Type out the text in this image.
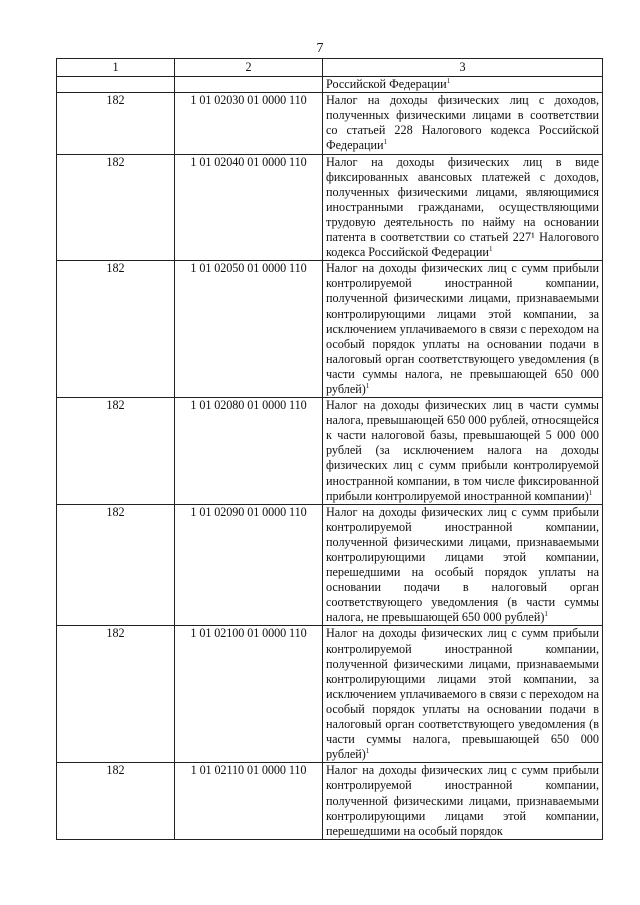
7
1	2	3
		Российской Федерации$^1$
182	1 01 02030 01 0000 110	Налог на доходы физических лиц с доходов, полученных физическими лицами в соответствии со статьей 228 Налогового кодекса Российской Федерации$^1$
182	1 01 02040 01 0000 110	Налог на доходы физических лиц в виде фиксированных авансовых платежей с доходов, полученных физическими лицами, являющимися иностранными гражданами, осуществляющими трудовую деятельность по найму на основании патента в соответствии со статьей 227¹ Налогового кодекса Российской Федерации$^1$
182	1 01 02050 01 0000 110	Налог на доходы физических лиц с сумм прибыли контролируемой иностранной компании, полученной физическими лицами, признаваемыми контролирующими лицами этой компании, за исключением уплачиваемого в связи с переходом на особый порядок уплаты на основании подачи в налоговый орган соответствующего уведомления (в части суммы налога, не превышающей 650 000 рублей)$^1$
182	1 01 02080 01 0000 110	Налог на доходы физических лиц в части суммы налога, превышающей 650 000 рублей, относящейся к части налоговой базы, превышающей 5 000 000 рублей (за исключением налога на доходы физических лиц с сумм прибыли контролируемой иностранной компании, в том числе фиксированной прибыли контролируемой иностранной компании)$^1$
182	1 01 02090 01 0000 110	Налог на доходы физических лиц с сумм прибыли контролируемой иностранной компании, полученной физическими лицами, признаваемыми контролирующими лицами этой компании, перешедшими на особый порядок уплаты на основании подачи в налоговый орган соответствующего уведомления (в части суммы налога, не превышающей 650 000 рублей)$^1$
182	1 01 02100 01 0000 110	Налог на доходы физических лиц с сумм прибыли контролируемой иностранной компании, полученной физическими лицами, признаваемыми контролирующими лицами этой компании, за исключением уплачиваемого в связи с переходом на особый порядок уплаты на основании подачи в налоговый орган соответствующего уведомления (в части суммы налога, превышающей 650 000 рублей)$^1$
182	1 01 02110 01 0000 110	Налог на доходы физических лиц с сумм прибыли контролируемой иностранной компании, полученной физическими лицами, признаваемыми контролирующими лицами этой компании, перешедшими на особый порядок
